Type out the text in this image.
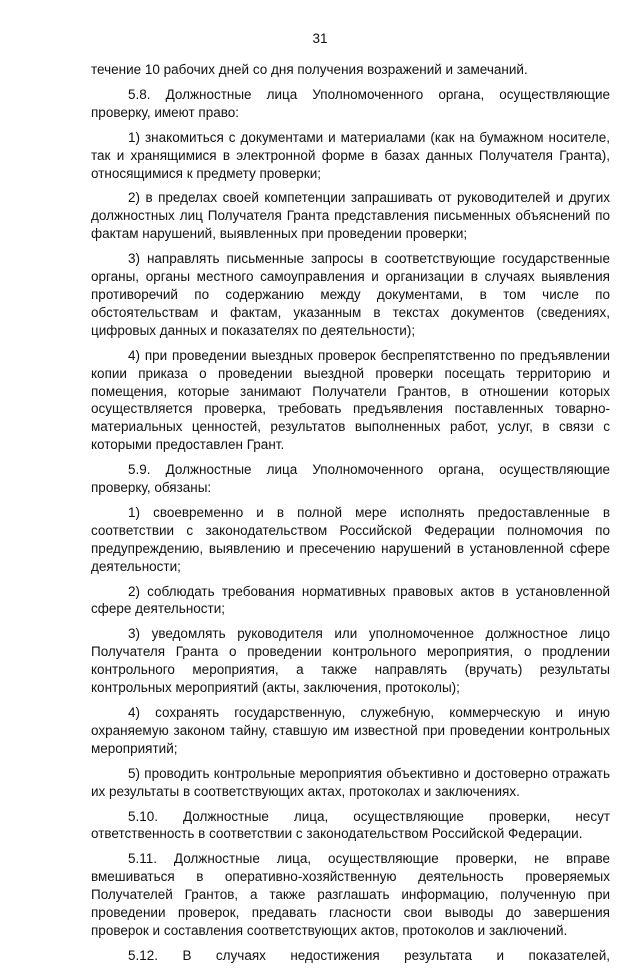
31

течение 10 рабочих дней со дня получения возражений и замечаний.

5.8. Должностные лица Уполномоченного органа, осуществляющие проверку, имеют право:

1) знакомиться с документами и материалами (как на бумажном носителе, так и хранящимися в электронной форме в базах данных Получателя Гранта), относящимися к предмету проверки;

2) в пределах своей компетенции запрашивать от руководителей и других должностных лиц Получателя Гранта представления письменных объяснений по фактам нарушений, выявленных при проведении проверки;

3) направлять письменные запросы в соответствующие государственные органы, органы местного самоуправления и организации в случаях выявления противоречий по содержанию между документами, в том числе по обстоятельствам и фактам, указанным в текстах документов (сведениях, цифровых данных и показателях по деятельности);

4) при проведении выездных проверок беспрепятственно по предъявлении копии приказа о проведении выездной проверки посещать территорию и помещения, которые занимают Получатели Грантов, в отношении которых осуществляется проверка, требовать предъявления поставленных товарно-материальных ценностей, результатов выполненных работ, услуг, в связи с которыми предоставлен Грант.

5.9. Должностные лица Уполномоченного органа, осуществляющие проверку, обязаны:

1) своевременно и в полной мере исполнять предоставленные в соответствии с законодательством Российской Федерации полномочия по предупреждению, выявлению и пресечению нарушений в установленной сфере деятельности;

2) соблюдать требования нормативных правовых актов в установленной сфере деятельности;

3) уведомлять руководителя или уполномоченное должностное лицо Получателя Гранта о проведении контрольного мероприятия, о продлении контрольного мероприятия, а также направлять (вручать) результаты контрольных мероприятий (акты, заключения, протоколы);

4) сохранять государственную, служебную, коммерческую и иную охраняемую законом тайну, ставшую им известной при проведении контрольных мероприятий;

5) проводить контрольные мероприятия объективно и достоверно отражать их результаты в соответствующих актах, протоколах и заключениях.

5.10. Должностные лица, осуществляющие проверки, несут ответственность в соответствии с законодательством Российской Федерации.

5.11. Должностные лица, осуществляющие проверки, не вправе вмешиваться в оперативно-хозяйственную деятельность проверяемых Получателей Грантов, а также разглашать информацию, полученную при проведении проверок, предавать гласности свои выводы до завершения проверок и составления соответствующих актов, протоколов и заключений.

5.12. В случаях недостижения результата и показателей,
